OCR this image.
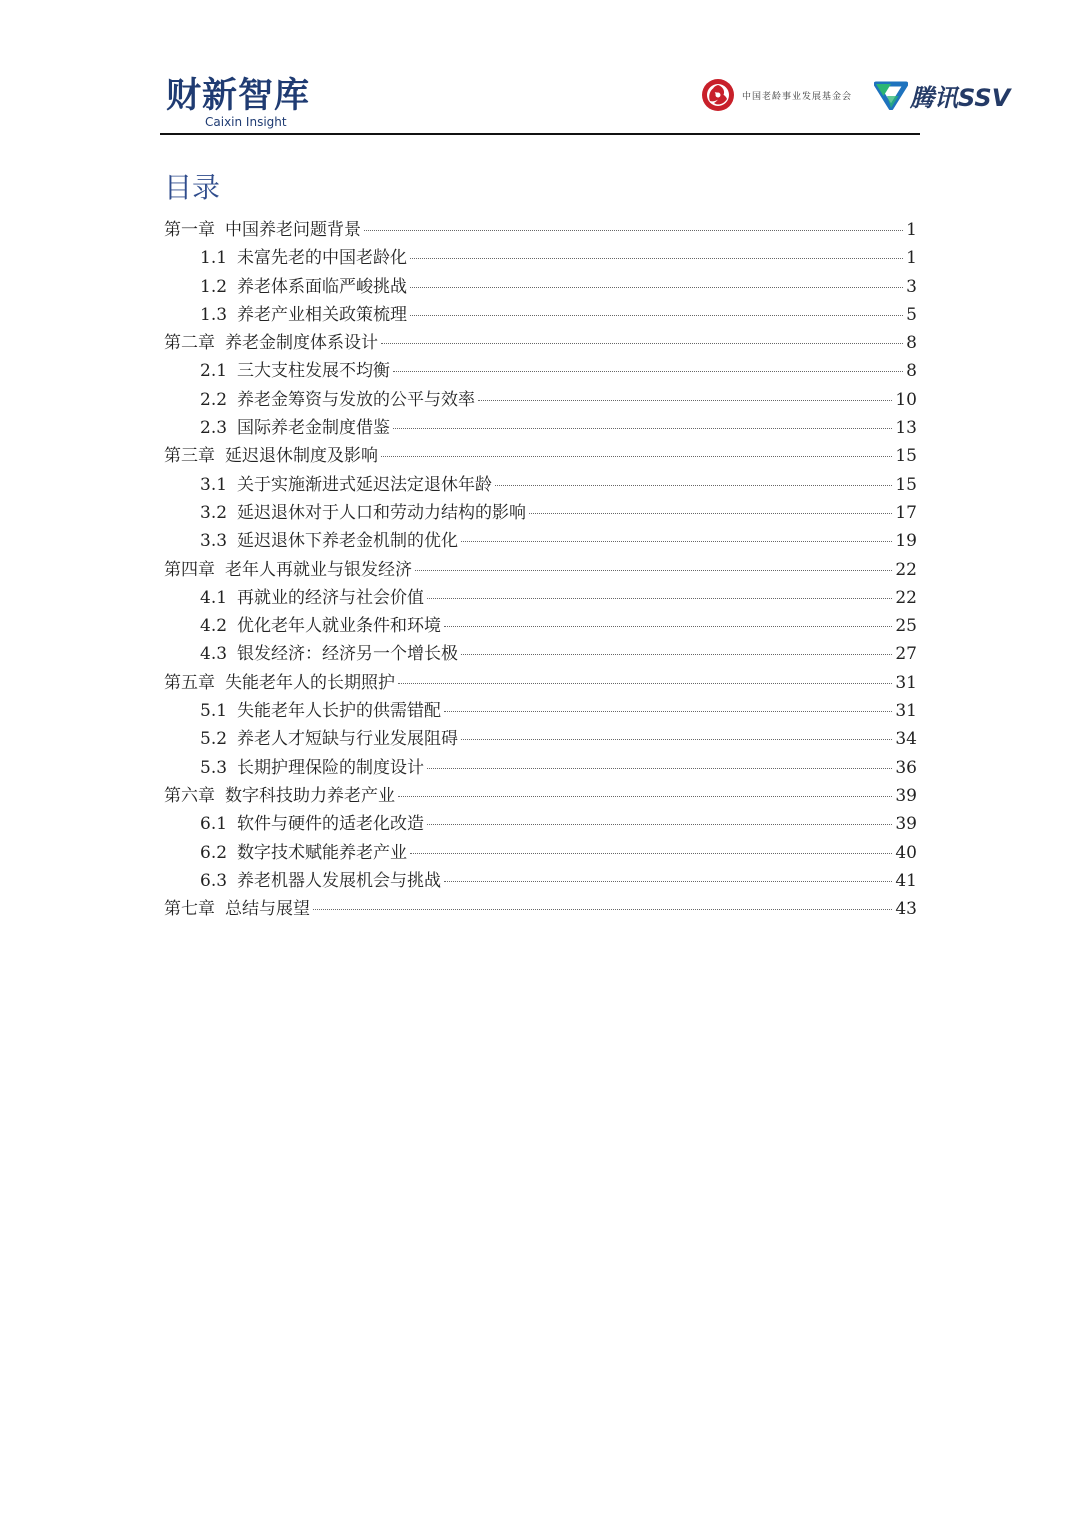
财新智库
Caixin Insight
中国老龄事业发展基金会 腾讯SSV
目录
第一章 中国养老问题背景	1
1.1 未富先老的中国老龄化	1
1.2 养老体系面临严峻挑战	3
1.3 养老产业相关政策梳理	5
第二章 养老金制度体系设计	8
2.1 三大支柱发展不均衡	8
2.2 养老金筹资与发放的公平与效率	10
2.3 国际养老金制度借鉴	13
第三章 延迟退休制度及影响	15
3.1 关于实施渐进式延迟法定退休年龄	15
3.2 延迟退休对于人口和劳动力结构的影响	17
3.3 延迟退休下养老金机制的优化	19
第四章 老年人再就业与银发经济	22
4.1 再就业的经济与社会价值	22
4.2 优化老年人就业条件和环境	25
4.3 银发经济：经济另一个增长极	27
第五章 失能老年人的长期照护	31
5.1 失能老年人长护的供需错配	31
5.2 养老人才短缺与行业发展阻碍	34
5.3 长期护理保险的制度设计	36
第六章 数字科技助力养老产业	39
6.1 软件与硬件的适老化改造	39
6.2 数字技术赋能养老产业	40
6.3 养老机器人发展机会与挑战	41
第七章 总结与展望	43
